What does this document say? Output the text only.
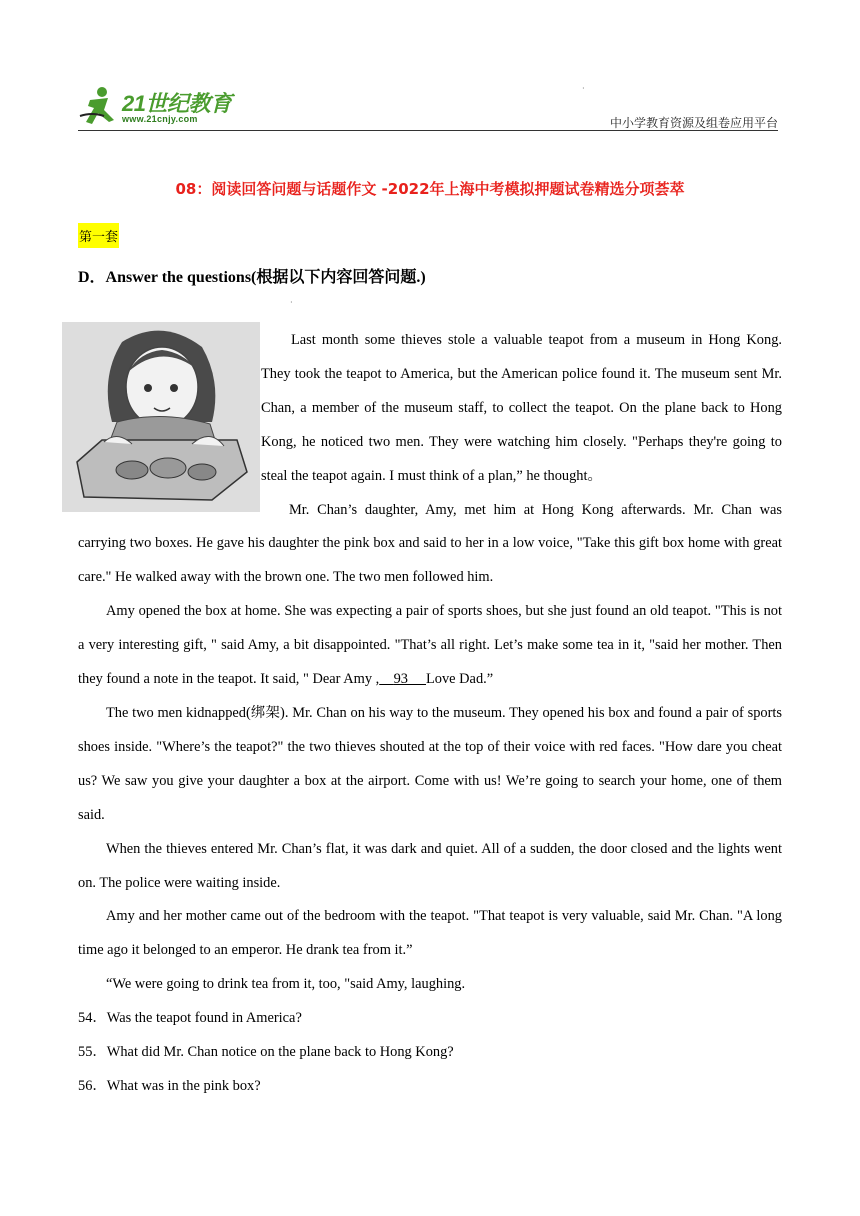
21世纪教育
www.21cnjy.com	中小学教育资源及组卷应用平台
·
08：阅读回答问题与话题作文 -2022年上海中考模拟押题试卷精选分项荟萃
第一套
D．Answer the questions(根据以下内容回答问题.)
·

Last month some thieves stole a valuable teapot from a museum in Hong Kong. They took the teapot to America, but the American police found it. The museum sent Mr. Chan, a member of the museum staff, to collect the teapot. On the plane back to Hong Kong, he noticed two men. They were watching him closely. "Perhaps they're going to steal the teapot again. I must think of a plan,” he thought。

Mr. Chan’s daughter, Amy, met him at Hong Kong afterwards. Mr. Chan was carrying two boxes. He gave his daughter the pink box and said to her in a low voice, "Take this gift box home with great care." He walked away with the brown one. The two men followed him.

Amy opened the box at home. She was expecting a pair of sports shoes, but she just found an old teapot. "This is not a very interesting gift, " said Amy, a bit disappointed. "That’s all right. Let’s make some tea in it, "said her mother. Then they found a note in the teapot. It said, " Dear Amy , 93 Love Dad.”

The two men kidnapped(绑架). Mr. Chan on his way to the museum. They opened his box and found a pair of sports shoes inside. "Where’s the teapot?" the two thieves shouted at the top of their voice with red faces. "How dare you cheat us? We saw you give your daughter a box at the airport. Come with us! We’re going to search your home, one of them said.

When the thieves entered Mr. Chan’s flat, it was dark and quiet. All of a sudden, the door closed and the lights went on. The police were waiting inside.

Amy and her mother came out of the bedroom with the teapot. "That teapot is very valuable, said Mr. Chan. "A long time ago it belonged to an emperor. He drank tea from it.”

“We were going to drink tea from it, too, "said Amy, laughing.

54．Was the teapot found in America?
55．What did Mr. Chan notice on the plane back to Hong Kong?
56．What was in the pink box?
